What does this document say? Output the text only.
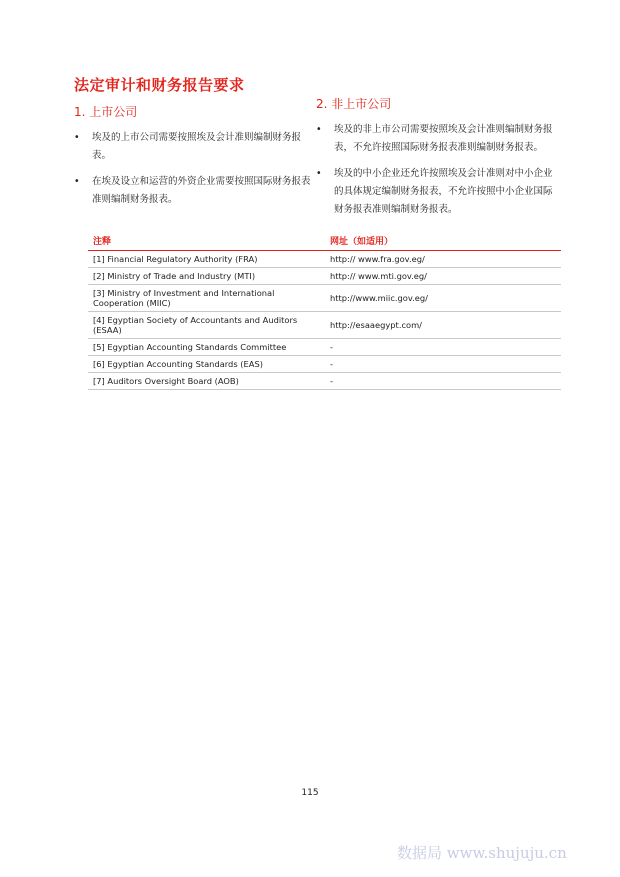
法定审计和财务报告要求
1. 上市公司
• 埃及的上市公司需要按照埃及会计准则编制财务报表。
• 在埃及设立和运营的外资企业需要按照国际财务报表准则编制财务报表。
2. 非上市公司
• 埃及的非上市公司需要按照埃及会计准则编制财务报表，不允许按照国际财务报表准则编制财务报表。
• 埃及的中小企业还允许按照埃及会计准则对中小企业的具体规定编制财务报表，不允许按照中小企业国际财务报表准则编制财务报表。
注释	网址（如适用）
[1] Financial Regulatory Authority (FRA)	http:// www.fra.gov.eg/
[2] Ministry of Trade and Industry (MTI)	http:// www.mti.gov.eg/
[3] Ministry of Investment and International Cooperation (MIIC)	http://www.miic.gov.eg/
[4] Egyptian Society of Accountants and Auditors (ESAA)	http://esaaegypt.com/
[5] Egyptian Accounting Standards Committee	-
[6] Egyptian Accounting Standards (EAS)	-
[7] Auditors Oversight Board (AOB)	-
115
数据局 www.shujuju.cn
